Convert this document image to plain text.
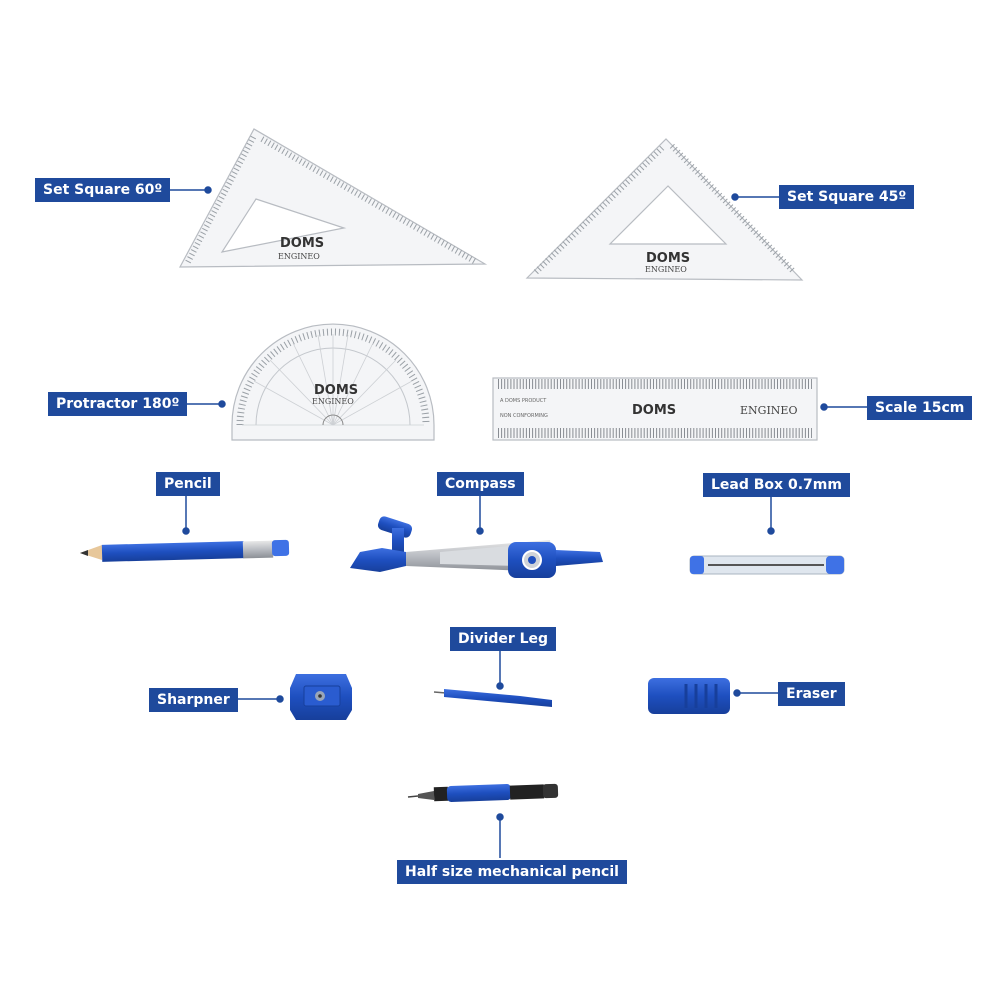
DOMS
ENGINEO	DOMS
ENGINEO
DOMS
ENGINEO	A DOMS PRODUCT
NON CONFORMING	DOMS	ENGINEO
Set Square 60º	Set Square 45º
Protractor 180º	Scale 15cm
Pencil	Compass	Lead Box 0.7mm
Divider Leg
Sharpner	Eraser
Half size mechanical pencil
